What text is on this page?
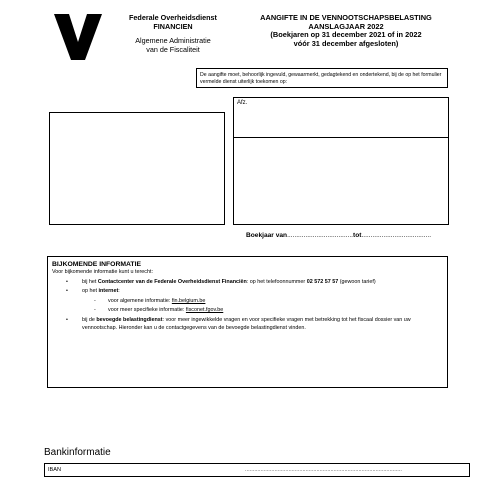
Federale Overheidsdienst
FINANCIEN
Algemene Administratie
van de Fiscaliteit
AANGIFTE IN DE VENNOOTSCHAPSBELASTING
AANSLAGJAAR 2022
(Boekjaren op 31 december 2021 of in 2022
vóór 31 december afgesloten)
De aangifte moet, behoorlijk ingevuld, gewaarmerkt, gedagtekend en ondertekend, bij de op het formulier vermelde dienst uiterlijk toekomen op:
Afz.
Boekjaar van....................................tot......................................
BIJKOMENDE INFORMATIE
Voor bijkomende informatie kunt u terecht:
•	bij het Contactcenter van de Federale Overheidsdienst Financiën: op het telefoonnummer 02 572 57 57 (gewoon tarief)
•	op het internet:
- voor algemene informatie: fin.belgium.be
- voor meer specifieke informatie: fisconet.fgov.be
•	bij de bevoegde belastingdienst: voor meer ingewikkelde vragen en voor specifieke vragen met betrekking tot het fiscaal dossier van uw vennootschap. Hieronder kan u de contactgegevens van de bevoegde belastingdienst vinden.
Bankinformatie
IBAN	.....................................................................................................
